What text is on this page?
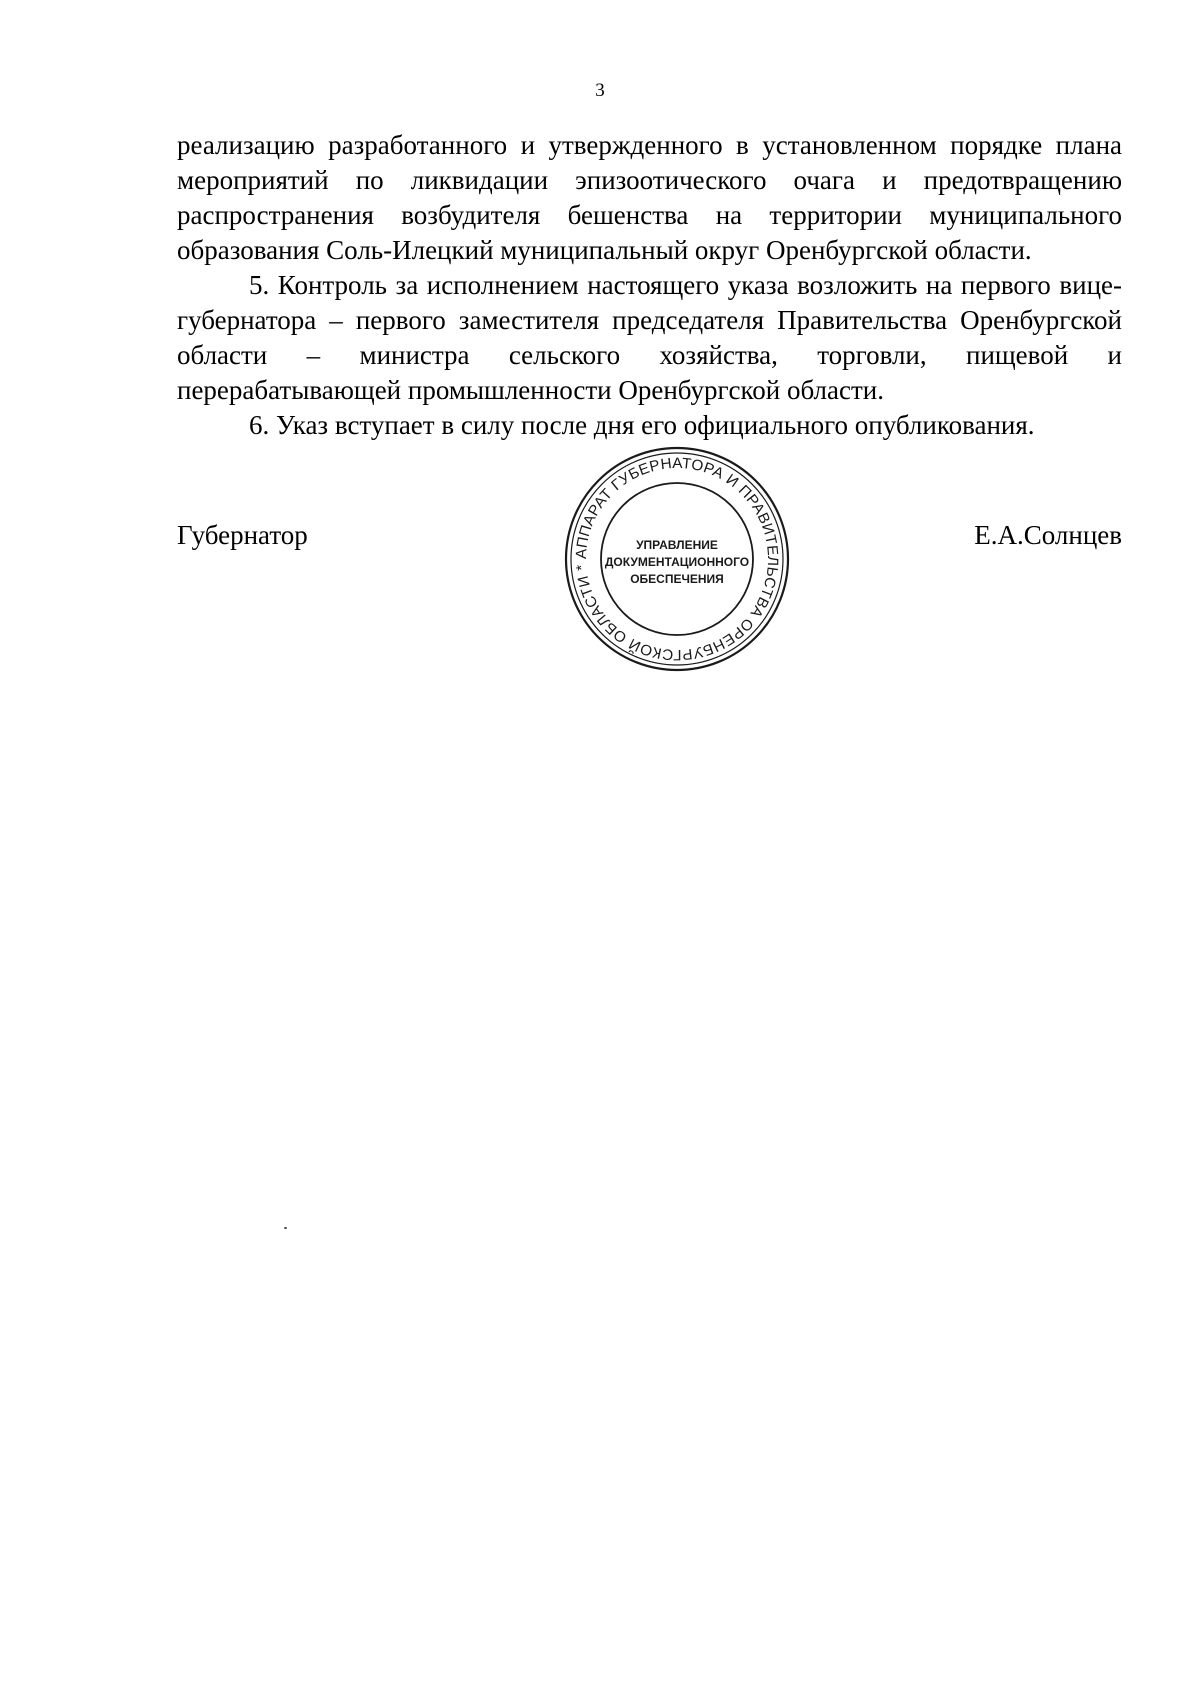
3

реализацию разработанного и утвержденного в установленном порядке плана мероприятий по ликвидации эпизоотического очага и предотвращению распространения возбудителя бешенства на территории муниципального образования Соль-Илецкий муниципальный округ Оренбургской области.

5. Контроль за исполнением настоящего указа возложить на первого вице-губернатора – первого заместителя председателя Правительства Оренбургской области – министра сельского хозяйства, торговли, пищевой и перерабатывающей промышленности Оренбургской области.

6. Указ вступает в силу после дня его официального опубликования.

Губернатор	Е.А.Солнцев
АППАРАТ ГУБЕРНАТОРА И ПРАВИТЕЛЬСТВА ОРЕНБУРГСКОЙ ОБЛАСТИ *
УПРАВЛЕНИЕ
ДОКУМЕНТАЦИОННОГО
ОБЕСПЕЧЕНИЯ
